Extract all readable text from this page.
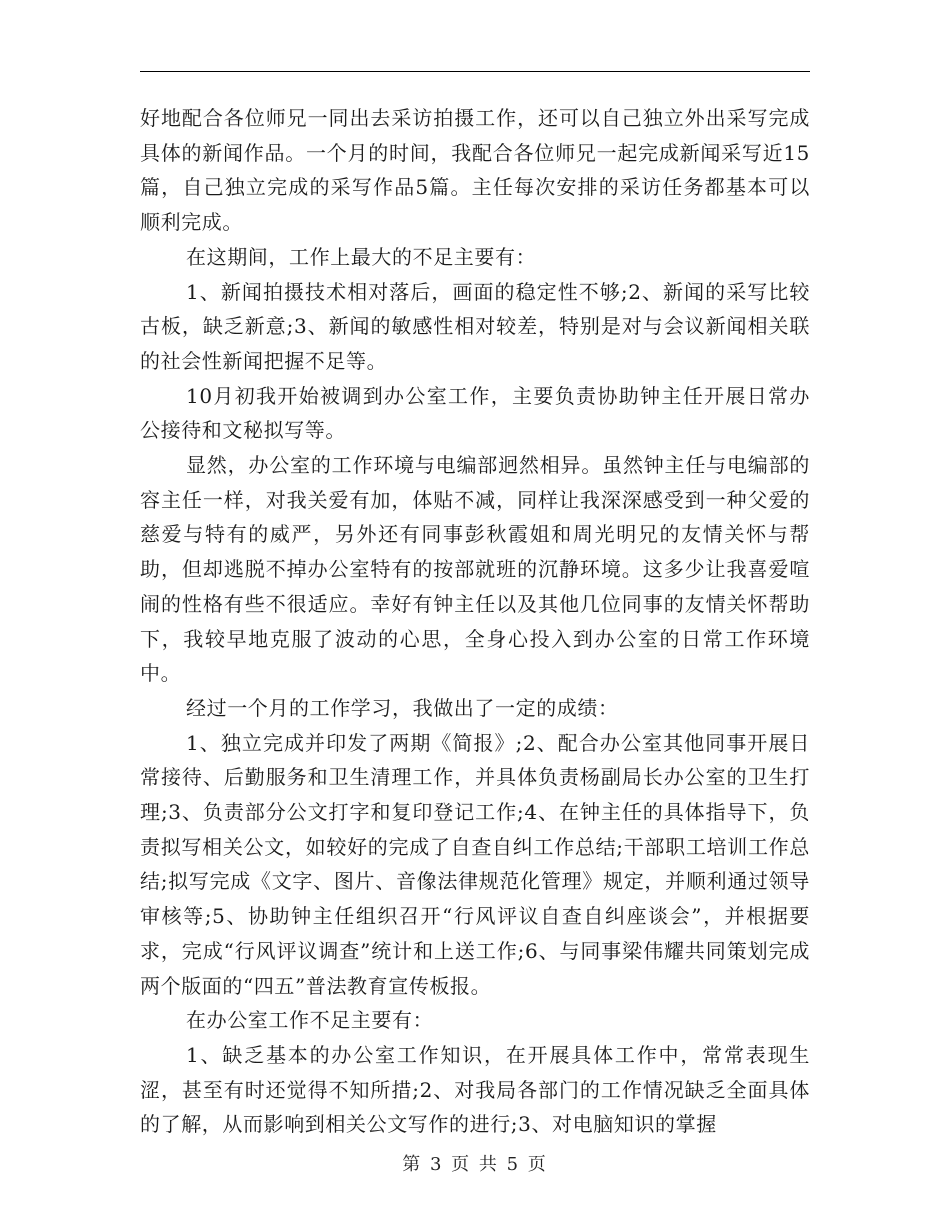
好地配合各位师兄一同出去采访拍摄工作，还可以自己独立外出采写完成具体的新闻作品。一个月的时间，我配合各位师兄一起完成新闻采写近15篇，自己独立完成的采写作品5篇。主任每次安排的采访任务都基本可以顺利完成。

在这期间，工作上最大的不足主要有：

1、新闻拍摄技术相对落后，画面的稳定性不够;2、新闻的采写比较古板，缺乏新意;3、新闻的敏感性相对较差，特别是对与会议新闻相关联的社会性新闻把握不足等。

10月初我开始被调到办公室工作，主要负责协助钟主任开展日常办公接待和文秘拟写等。

显然，办公室的工作环境与电编部迥然相异。虽然钟主任与电编部的容主任一样，对我关爱有加，体贴不减，同样让我深深感受到一种父爱的慈爱与特有的威严，另外还有同事彭秋霞姐和周光明兄的友情关怀与帮助，但却逃脱不掉办公室特有的按部就班的沉静环境。这多少让我喜爱喧闹的性格有些不很适应。幸好有钟主任以及其他几位同事的友情关怀帮助下，我较早地克服了波动的心思，全身心投入到办公室的日常工作环境中。

经过一个月的工作学习，我做出了一定的成绩：

1、独立完成并印发了两期《简报》;2、配合办公室其他同事开展日常接待、后勤服务和卫生清理工作，并具体负责杨副局长办公室的卫生打理;3、负责部分公文打字和复印登记工作;4、在钟主任的具体指导下，负责拟写相关公文，如较好的完成了自查自纠工作总结;干部职工培训工作总结;拟写完成《文字、图片、音像法律规范化管理》规定，并顺利通过领导审核等;5、协助钟主任组织召开“行风评议自查自纠座谈会”，并根据要求，完成“行风评议调查”统计和上送工作;6、与同事梁伟耀共同策划完成两个版面的“四五”普法教育宣传板报。

在办公室工作不足主要有：

1、缺乏基本的办公室工作知识，在开展具体工作中，常常表现生涩，甚至有时还觉得不知所措;2、对我局各部门的工作情况缺乏全面具体的了解，从而影响到相关公文写作的进行;3、对电脑知识的掌握

第 3 页 共 5 页
